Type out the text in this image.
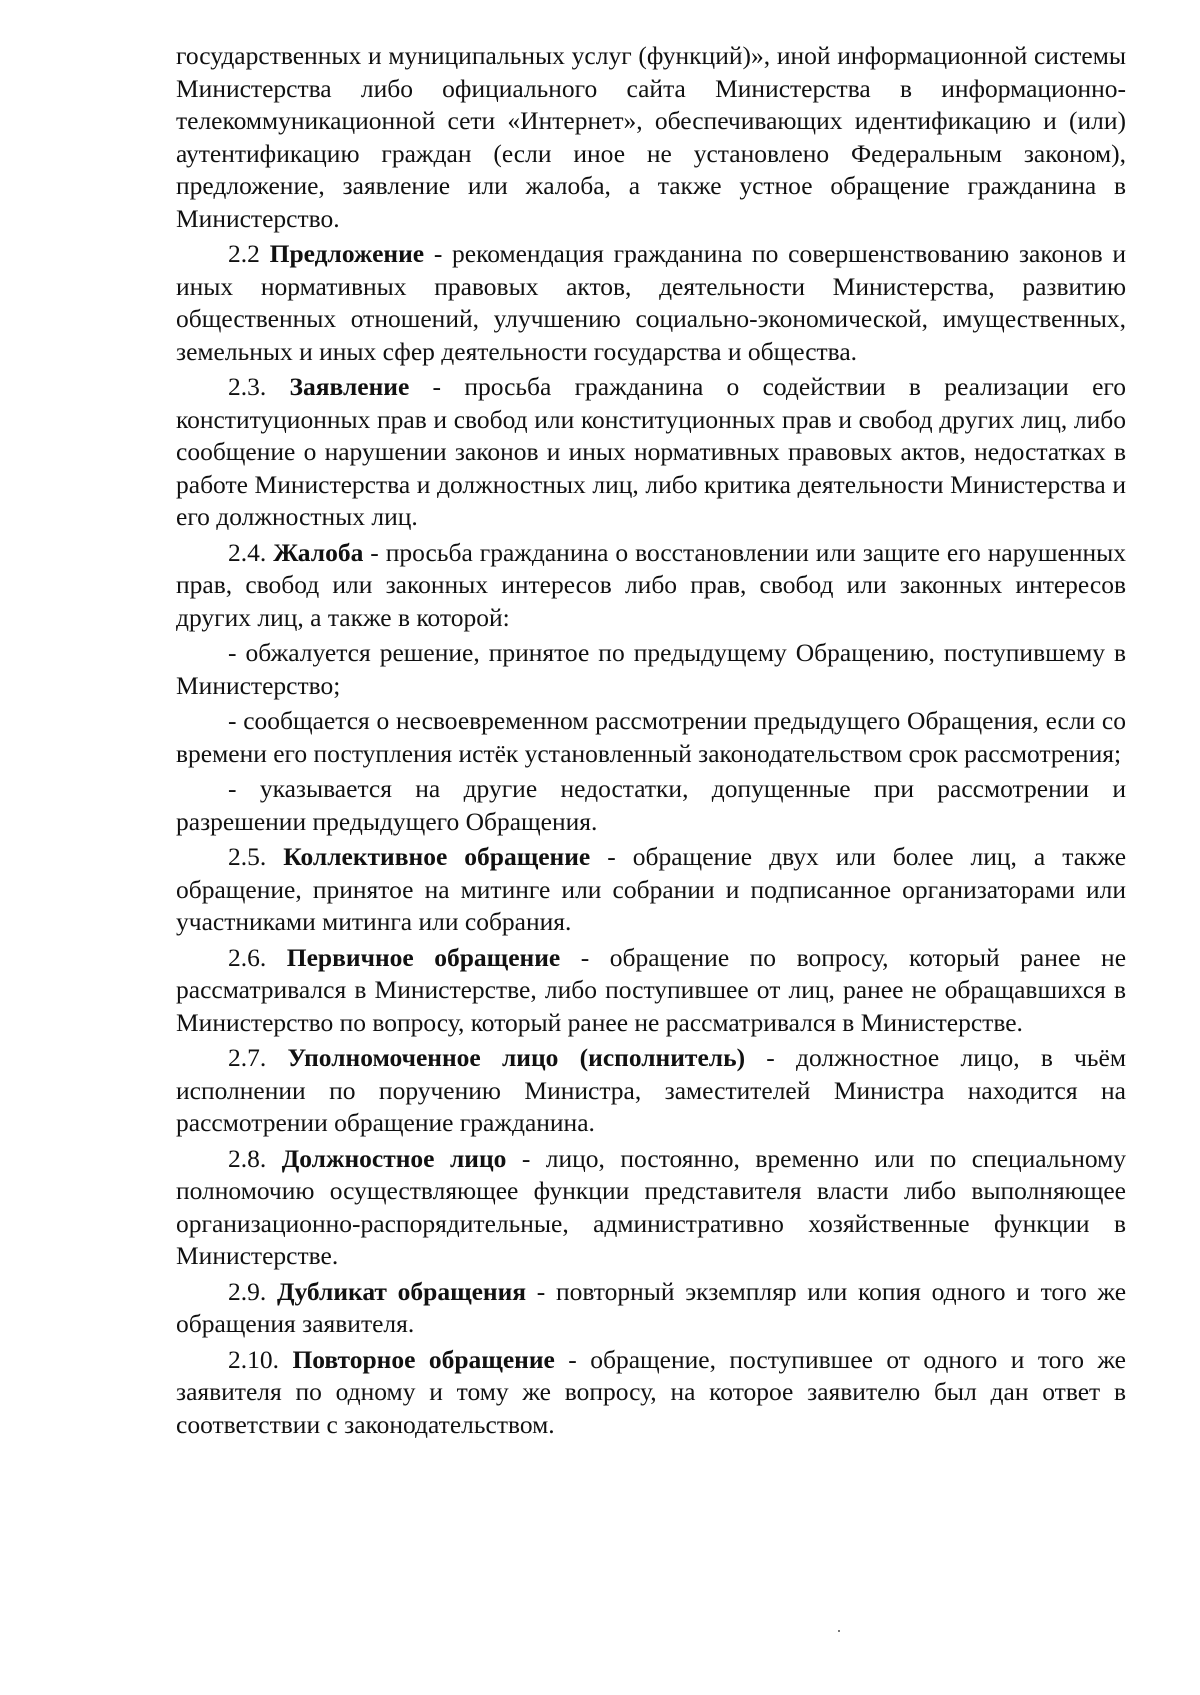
государственных и муниципальных услуг (функций)», иной информационной системы Министерства либо официального сайта Министерства в информационно-телекоммуникационной сети «Интернет», обеспечивающих идентификацию и (или) аутентификацию граждан (если иное не установлено Федеральным законом), предложение, заявление или жалоба, а также устное обращение гражданина в Министерство.

2.2 Предложение - рекомендация гражданина по совершенствованию законов и иных нормативных правовых актов, деятельности Министерства, развитию общественных отношений, улучшению социально-экономической, имущественных, земельных и иных сфер деятельности государства и общества.

2.3. Заявление - просьба гражданина о содействии в реализации его конституционных прав и свобод или конституционных прав и свобод других лиц, либо сообщение о нарушении законов и иных нормативных правовых актов, недостатках в работе Министерства и должностных лиц, либо критика деятельности Министерства и его должностных лиц.

2.4. Жалоба - просьба гражданина о восстановлении или защите его нарушенных прав, свобод или законных интересов либо прав, свобод или законных интересов других лиц, а также в которой:

- обжалуется решение, принятое по предыдущему Обращению, поступившему в Министерство;

- сообщается о несвоевременном рассмотрении предыдущего Обращения, если со времени его поступления истёк установленный законодательством срок рассмотрения;

- указывается на другие недостатки, допущенные при рассмотрении и разрешении предыдущего Обращения.

2.5. Коллективное обращение - обращение двух или более лиц, а также обращение, принятое на митинге или собрании и подписанное организаторами или участниками митинга или собрания.

2.6. Первичное обращение - обращение по вопросу, который ранее не рассматривался в Министерстве, либо поступившее от лиц, ранее не обращавшихся в Министерство по вопросу, который ранее не рассматривался в Министерстве.

2.7. Уполномоченное лицо (исполнитель) - должностное лицо, в чьём исполнении по поручению Министра, заместителей Министра находится на рассмотрении обращение гражданина.

2.8. Должностное лицо - лицо, постоянно, временно или по специальному полномочию осуществляющее функции представителя власти либо выполняющее организационно-распорядительные, административно хозяйственные функции в Министерстве.

2.9. Дубликат обращения - повторный экземпляр или копия одного и того же обращения заявителя.

2.10. Повторное обращение - обращение, поступившее от одного и того же заявителя по одному и тому же вопросу, на которое заявителю был дан ответ в соответствии с законодательством.
